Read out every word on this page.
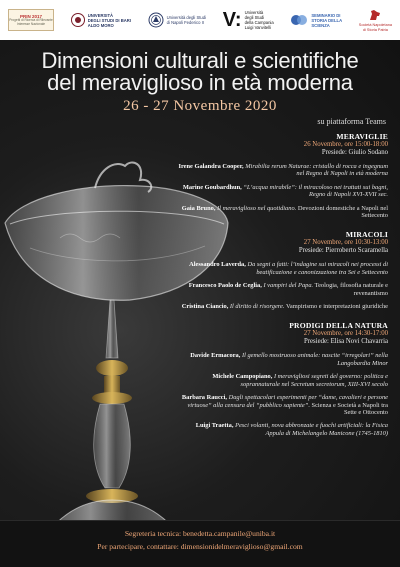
PRIN 2017
Progetti di Ricerca di Rilevante Interesse Nazionale
UNIVERSITÀ
DEGLI STUDI DI BARI
ALDO MORO
Università degli Studi
di Napoli Federico II V: Università
degli Studi
della Campania
Luigi Vanvitelli
SEMINARIO DI
STORIA DELLA
SCIENZA	Società Napoletana
di Storia Patria
Dimensioni culturali e scientifiche
del meraviglioso in età moderna
26 - 27 Novembre 2020
su piattaforma Teams
MERAVIGLIE
26 Novembre, ore 15:00-18:00
Presiede: Giulio Sodano
Irene Galandra Cooper, Mirabilia rerum Naturae: cristallo di rocca e ingegnum nel Regno di Napoli in età moderna
Marine Goubardhun, “L’acqua mirabile”: il miracoloso nei trattati sui bagni, Regno di Napoli XVI-XVII sec.
Gaia Bruno, Il meraviglioso nel quotidiano. Devozioni domestiche a Napoli nel Settecento
MIRACOLI
27 Novembre, ore 10:30-13:00
Presiede: Pierroberto Scaramella
Alessandro Laverda, Da segni a fatti: l’indagine sui miracoli nei processi di beatificazione e canonizzazione tra Sei e Settecento
Francesco Paolo de Ceglia, I vampiri del Papa. Teologia, filosofia naturale e revenantismo
Cristina Ciancio, Il diritto di risorgere. Vampirismo e interpretazioni giuridiche
PRODIGI DELLA NATURA
27 Novembre, ore 14:30-17:00
Presiede: Elisa Novi Chavarria
Davide Ermacora, Il gemello mostruoso animale: nascite “irregolari” nella Langobardia Minor
Michele Campopiano, I meravigliosi segreti del governo: politica e soprannaturale nel Secretum secretorum, XIII-XVI secolo
Barbara Raucci, Dagli spettacolari esperimenti per “dame, cavalieri e persone virtuose” alla censura del “pubblico sapiente”. Scienza e Società a Napoli tra Sette e Ottocento
Luigi Traetta, Pesci volanti, nova abbronzate e fuochi artificiali: la Fisica Appula di Michelangelo Manicone (1745-1810)
Segreteria tecnica: benedetta.campanile@uniba.it
Per partecipare, contattare: dimensionidelmeraviglioso@gmail.com
